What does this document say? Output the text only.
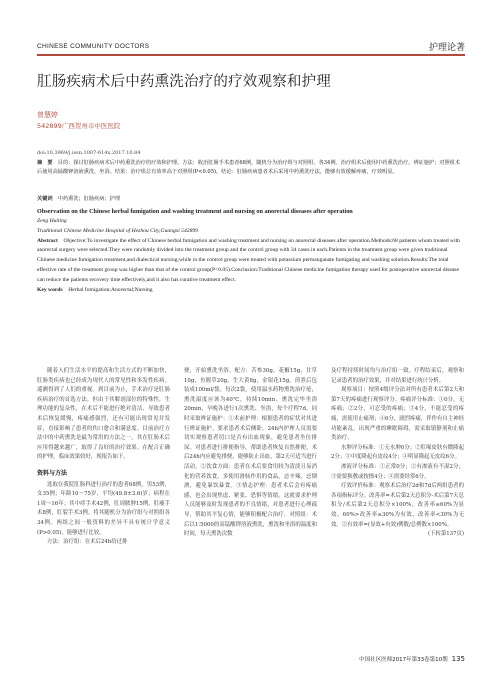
CHINESE COMMUNITY DOCTORS	护理论著
肛肠疾病术后中药熏洗治疗的疗效观察和护理
曾慧婷
542899广西贺州市中医医院
doi:10.3969/j.issn.1007-614x.2017.10.84
摘　要　 目的：探讨肛肠疾病术后中药熏洗治疗的疗效和护理。方法：收治肛肠手术患者68例，随机分为治疗组与对照组，各34例。治疗组术后使用中药熏洗治疗，辨证施护；对照组术后使用高锰酸钾溶液熏洗，坐浴。结果：治疗组总有效率高于对照组(P<0.05)。结论：肛肠疾病患者术后采用中药熏洗疗法，能够有效缓解疼痛，疗效明显。
关键词　 中药熏洗；肛肠疾病；护理
Observation on the Chinese herbal fumigation and washing treatment and nursing on anorectal diseases after operation
Zeng Huiting
Traditional Chinese Medicine Hospital of Hezhou City,Guangxi 542899
Abstract　 Objective:To investigate the effect of Chinese herbal fumigation and washing treatment and nursing on anorectal diseases after operation.Methods:68 patients whom treated with anorectal surgery were selected.They were randomly divided into the treatment group and the control group with 34 cases in each.Patients in the treatment group were given traditional Chinese medicine fumigation treatment,and dialectical nursing;while in the control group were treated with potassium permanganate fumigating and washing solution.Results:The total effective rate of the treatment group was higher than that of the control group(P<0.05).Conclusion:Traditional Chinese medicine fumigation therapy used for postoperative anorectal disease can reduce the patients recovery time effectively,and it also has curative treatment effect.
Key words　 Herbal fumigation;Anorectal;Nursing

随着人们生活水平的提高和生活方式的不断加快，肛肠类疾病也已经成为现代人的常见性和多发性疾病。遥测得到了人们的重视。到目前为止，手术治疗是肛肠疾病治疗的首选方法。但由于其解剖部位的特殊性，生理功能的复杂性，在术后不能进行绝对清洁，导致患者术后恢复缓慢，疼痛感强烈，还有可能出现常见并发症，直接影响了患者的伤口愈合和满意度。目前治疗方法中的中药熏洗是最为常用的方法之一，其在肛肠术后应用得越来越广，取得了良好的治疗效果。在配合正确的护理，临床效果较好，现报告如下。

资料与方法

选取在我院肛肠科进行治疗的患者68例，男53例，女35例；年龄10～75岁，平均(49.8±3.6)岁；病程在1周～16年；其中痔手术42例，肛周脓肿15例，肛瘘手术8例，肛裂手术3例。将其随机分为治疗组与对照组各34例。两组之间一般资料的差异不具有统计学意义(P>0.05)，能够进行比较。

方法：治疗组：在术后24h给过排

便，开始熏洗坐浴。配方：苦参30g，花椒15g，甘草10g，鱼腥草20g，生大黄8g，金银花15g。煎煮后包装成100ml/袋。每次2袋，使用温水药物熏洗治疗疮，熏洗温度应该为40℃，持续10min。熏洗完毕坐浴20min，早晚各进行1次熏洗、坐浴，每个疗程7d。同时采取辨证施护：①术前护理：根据患者的症状对其进行辨证施护。要求患者术后侧卧，24h内护理人员需要切实观察患者切口是否有出血现象，避免患者坐位排尿。对患者进行排便指导，帮助患者恢复自然排便。术后24h内应避免排便，能够防止出血，第2天可适当进行活动。②饮食方面：患者在术后要食用较为清淡且易消化的营养饮食，多使用滑肠作用的食品，忌辛辣、忌烟酒，避免暴饮暴食。③情志护理：患者术后会有疼痛感，也会出现焦虑、紧张、恐惧等情绪。这就要求护理人员能够及时发现患者的不良情绪，对患者进行心理疏导，帮助其平复心情，能够积极配合治疗。对照组：术后以1:5000的高锰酸钾溶液熏洗，熏洗和坐浴的温度和时间，每天熏洗次数

及疗程持续时间均与治疗组一致。疗程结束后，观察和记录患者的治疗效果，并对结果进行统计分析。

观察项目：按照4级评分法对所有患者术后第2天和第7天的疼痛进行观察评分。疼痛评分标准：①0分，无疼痛；②2分，可忍受的疼痛；③4分，不能忍受的疼痛，需使用止痛剂；④6分，剧烈疼痛，伴作有自主神经功能紊乱，出现严重的睡眠障碍，需采取镇静剂和止痛类治疗。

水肿评分标准：①无水肿0分；②肛缘皮肤有微隆起2分；③中度隆起有皮纹4分；④明显隆起无皮纹6分。

渗液评分标准：①正常0分；②有渗液有不湿2分；③需要换敷或按擦4分；④需要经常6分。

疗效评价标准：观察术后治疗2d和7d后两组患者的各项指标评分。改善率=术后第2天总积分-术后第7天总积分/术后第2天总积分×100%，改善率≥60%为显效、60%>改善率≥30%为有效、改善率<30%为无效。②有效率=(显效+有效)例数/总例数×100%。

(下转第137页)

中国社区医师2017年第33卷第10期 135
